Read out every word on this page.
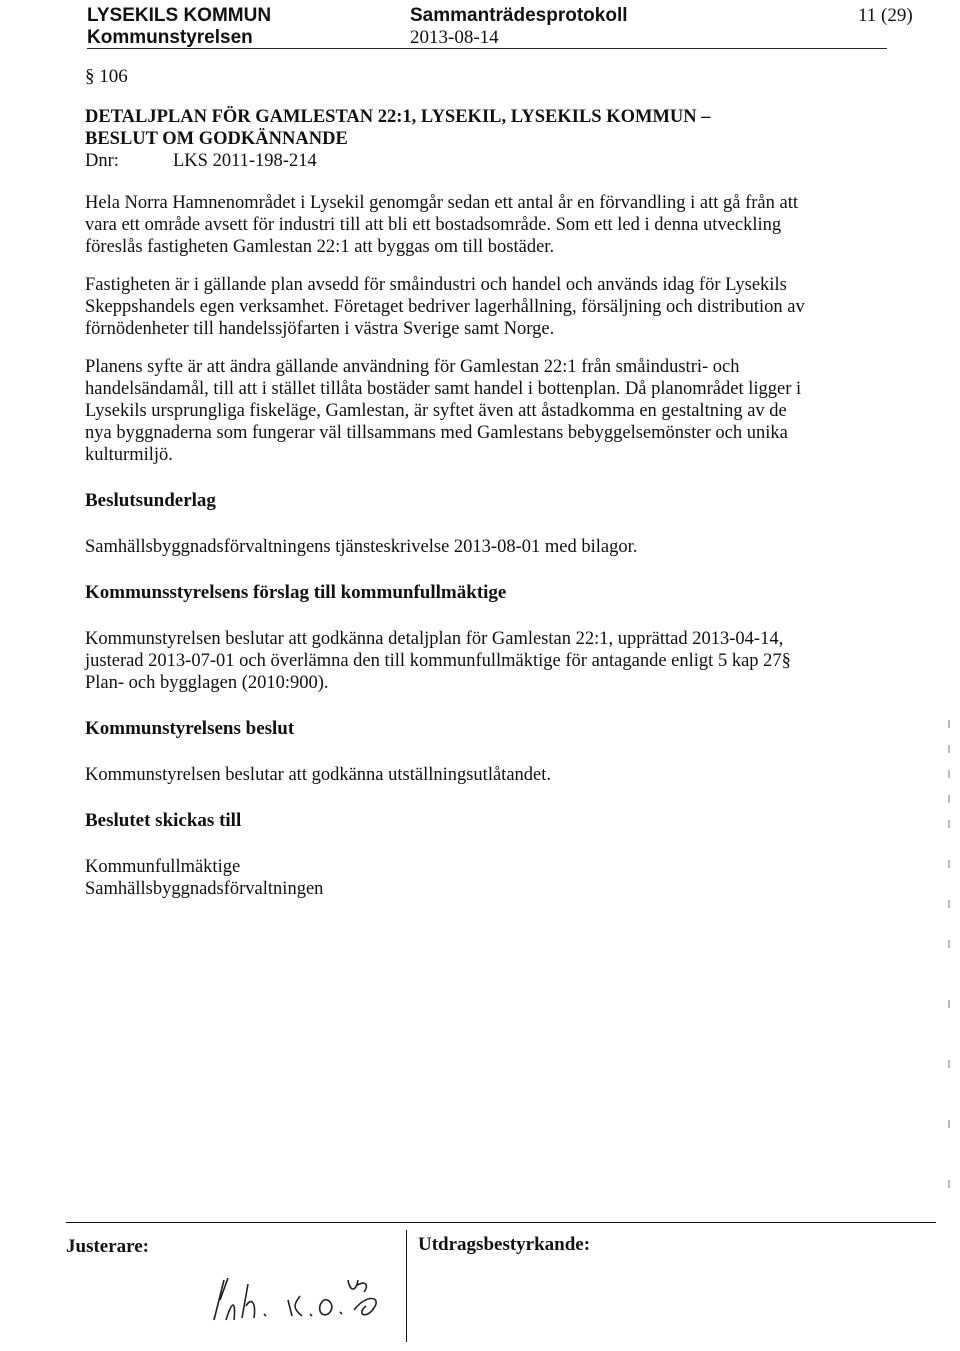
LYSEKILS KOMMUN
Kommunstyrelsen
Sammanträdesprotokoll
2013-08-14
11 (29)
§ 106
DETALJPLAN FÖR GAMLESTAN 22:1, LYSEKIL, LYSEKILS KOMMUN –
BESLUT OM GODKÄNNANDE
Dnr:	LKS 2011-198-214

Hela Norra Hamnenområdet i Lysekil genomgår sedan ett antal år en förvandling i att gå från att vara ett område avsett för industri till att bli ett bostadsområde. Som ett led i denna utveckling föreslås fastigheten Gamlestan 22:1 att byggas om till bostäder.

Fastigheten är i gällande plan avsedd för småindustri och handel och används idag för Lysekils Skeppshandels egen verksamhet. Företaget bedriver lagerhållning, försäljning och distribution av förnödenheter till handelssjöfarten i västra Sverige samt Norge.

Planens syfte är att ändra gällande användning för Gamlestan 22:1 från småindustri- och handelsändamål, till att i stället tillåta bostäder samt handel i bottenplan. Då planområdet ligger i Lysekils ursprungliga fiskeläge, Gamlestan, är syftet även att åstadkomma en gestaltning av de nya byggnaderna som fungerar väl tillsammans med Gamlestans bebyggelsemönster och unika kulturmiljö.

Beslutsunderlag

Samhällsbyggnadsförvaltningens tjänsteskrivelse 2013-08-01 med bilagor.

Kommunsstyrelsens förslag till kommunfullmäktige

Kommunstyrelsen beslutar att godkänna detaljplan för Gamlestan 22:1, upprättad 2013-04-14, justerad 2013-07-01 och överlämna den till kommunfullmäktige för antagande enligt 5 kap 27§ Plan- och bygglagen (2010:900).

Kommunstyrelsens beslut

Kommunstyrelsen beslutar att godkänna utställningsutlåtandet.

Beslutet skickas till
Kommunfullmäktige
Samhällsbyggnadsförvaltningen
Justerare:	Utdragsbestyrkande:
